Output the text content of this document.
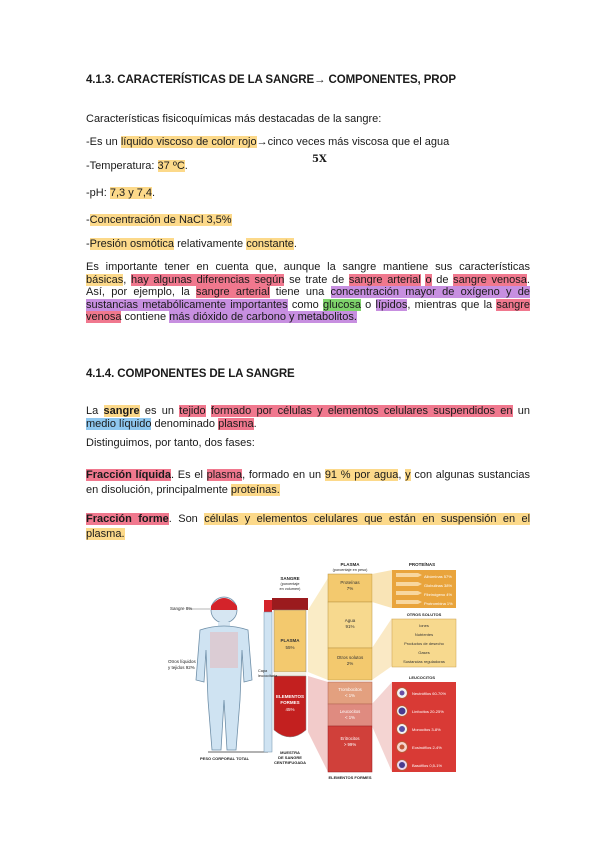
4.1.3. CARACTERÍSTICAS DE LA SANGRE→ COMPONENTES, PROP
Características fisicoquímicas más destacadas de la sangre:
-Es un líquido viscoso de color rojo→cinco veces más viscosa que el agua
5X
-Temperatura: 37 ºC.
-pH: 7,3 y 7,4.
-Concentración de NaCl 3,5%
-Presión osmótica relativamente constante.
Es importante tener en cuenta que, aunque la sangre mantiene sus características básicas, hay algunas diferencias según se trate de sangre arterial o de sangre venosa. Así, por ejemplo, la sangre arterial tiene una concentración mayor de oxígeno y de sustancias metabólicamente importantes como glucosa o lípidos, mientras que la sangre venosa contiene más dióxido de carbono y metabolitos.
4.1.4. COMPONENTES DE LA SANGRE
La sangre es un tejido formado por células y elementos celulares suspendidos en un medio líquido denominado plasma.
Distinguimos, por tanto, dos fases:
Fracción líquida. Es el plasma, formado en un 91 % por agua, y con algunas sustancias en disolución, principalmente proteínas.
Fracción forme. Son células y elementos celulares que están en suspensión en el plasma.
Sangre 8%
Otros líquidos
y tejidos 92%
PESO CORPORAL TOTAL
SANGRE
(porcentaje
en volumen)
PLASMA
55%
Capa
leucocitaria
ELEMENTOS
FORMES
45%
MUESTRA
DE SANGRE
CENTRIFUGADA
PLASMA
(porcentaje en peso)
Proteínas
7%
Agua
91%
Otros solutos
2%
Trombocitos
< 1%
Leucocitos
< 1%
Eritrocitos
> 99%
ELEMENTOS FORMES
PROTEÍNAS
Albúminas 57%
Globulinas 38%
Fibrinógeno 4%
Protrombina 1%
OTROS SOLUTOS
Iones
Nutrientes
Productos de desecho
Gases
Sustancias reguladoras
LEUCOCITOS
Neutrófilos 60-70%
Linfocitos 20-25%
Monocitos 3-8%
Eosinófilos 2-4%
Basófilos 0,5-1%
